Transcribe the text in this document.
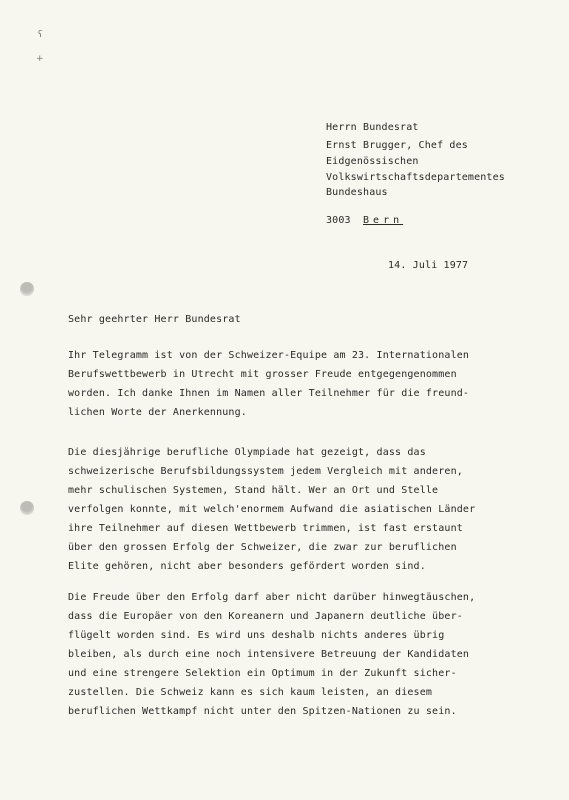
ʕ
+
Herrn Bundesrat
Ernst Brugger, Chef des
Eidgenössischen
Volkswirtschaftsdepartementes
Bundeshaus
3003 Bern
14. Juli 1977
Sehr geehrter Herr Bundesrat
Ihr Telegramm ist von der Schweizer-Equipe am 23. Internationalen
Berufswettbewerb in Utrecht mit grosser Freude entgegengenommen
worden. Ich danke Ihnen im Namen aller Teilnehmer für die freund-
lichen Worte der Anerkennung.
Die diesjährige berufliche Olympiade hat gezeigt, dass das
schweizerische Berufsbildungssystem jedem Vergleich mit anderen,
mehr schulischen Systemen, Stand hält. Wer an Ort und Stelle
verfolgen konnte, mit welch'enormem Aufwand die asiatischen Länder
ihre Teilnehmer auf diesen Wettbewerb trimmen, ist fast erstaunt
über den grossen Erfolg der Schweizer, die zwar zur beruflichen
Elite gehören, nicht aber besonders gefördert worden sind.
Die Freude über den Erfolg darf aber nicht darüber hinwegtäuschen,
dass die Europäer von den Koreanern und Japanern deutliche über-
flügelt worden sind. Es wird uns deshalb nichts anderes übrig
bleiben, als durch eine noch intensivere Betreuung der Kandidaten
und eine strengere Selektion ein Optimum in der Zukunft sicher-
zustellen. Die Schweiz kann es sich kaum leisten, an diesem
beruflichen Wettkampf nicht unter den Spitzen-Nationen zu sein.
